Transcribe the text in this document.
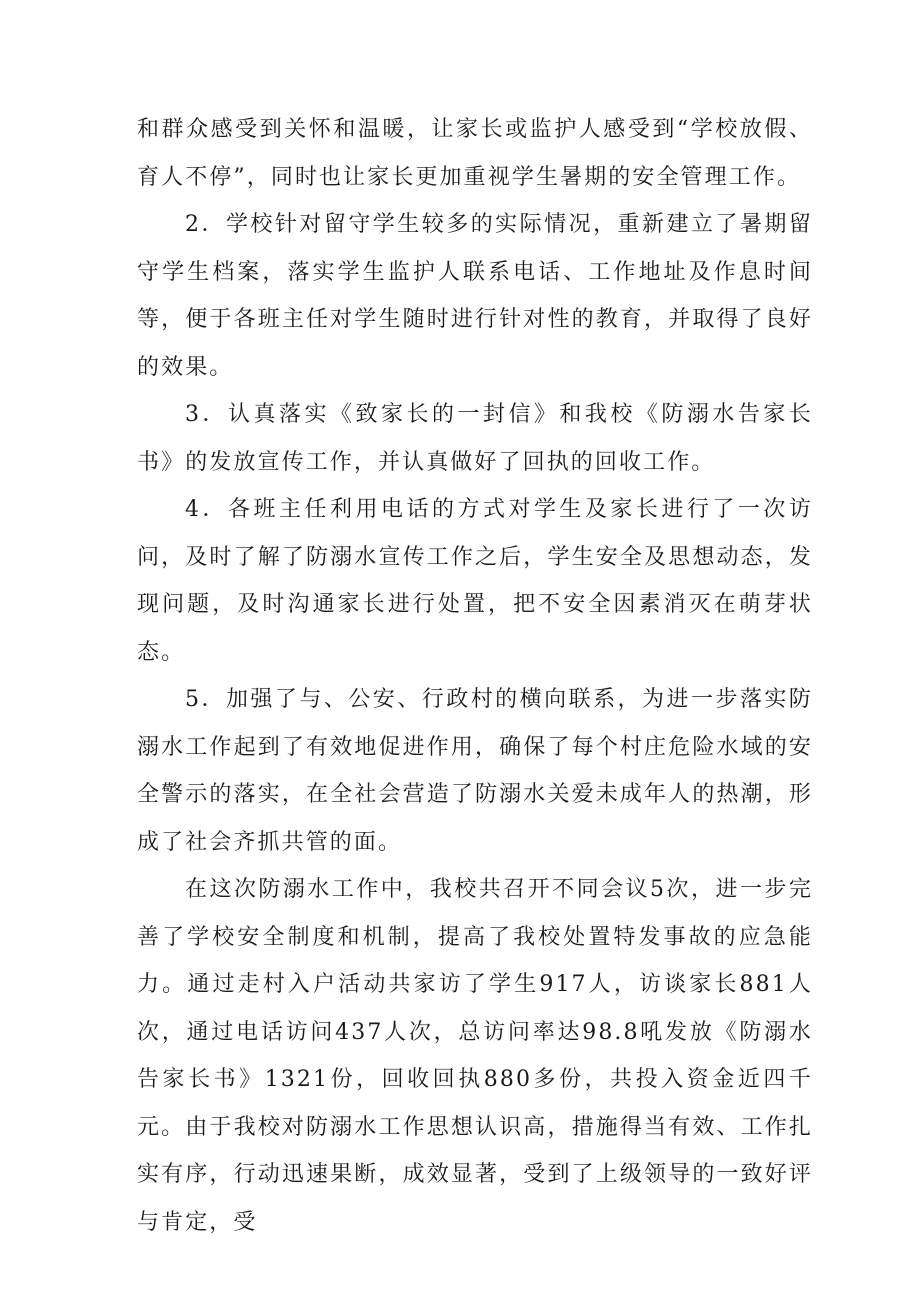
和群众感受到关怀和温暖，让家长或监护人感受到“学校放假、育人不停”，同时也让家长更加重视学生暑期的安全管理工作。

2．学校针对留守学生较多的实际情况，重新建立了暑期留守学生档案，落实学生监护人联系电话、工作地址及作息时间等，便于各班主任对学生随时进行针对性的教育，并取得了良好的效果。

3．认真落实《致家长的一封信》和我校《防溺水告家长书》的发放宣传工作，并认真做好了回执的回收工作。

4．各班主任利用电话的方式对学生及家长进行了一次访问，及时了解了防溺水宣传工作之后，学生安全及思想动态，发现问题，及时沟通家长进行处置，把不安全因素消灭在萌芽状态。

5．加强了与、公安、行政村的横向联系，为进一步落实防溺水工作起到了有效地促进作用，确保了每个村庄危险水域的安全警示的落实，在全社会营造了防溺水关爱未成年人的热潮，形成了社会齐抓共管的面。

在这次防溺水工作中，我校共召开不同会议5次，进一步完善了学校安全制度和机制，提高了我校处置特发事故的应急能力。通过走村入户活动共家访了学生917人，访谈家长881人次，通过电话访问437人次，总访问率达98.8吼发放《防溺水告家长书》1321份，回收回执880多份，共投入资金近四千元。由于我校对防溺水工作思想认识高，措施得当有效、工作扎实有序，行动迅速果断，成效显著，受到了上级领导的一致好评与肯定，受
